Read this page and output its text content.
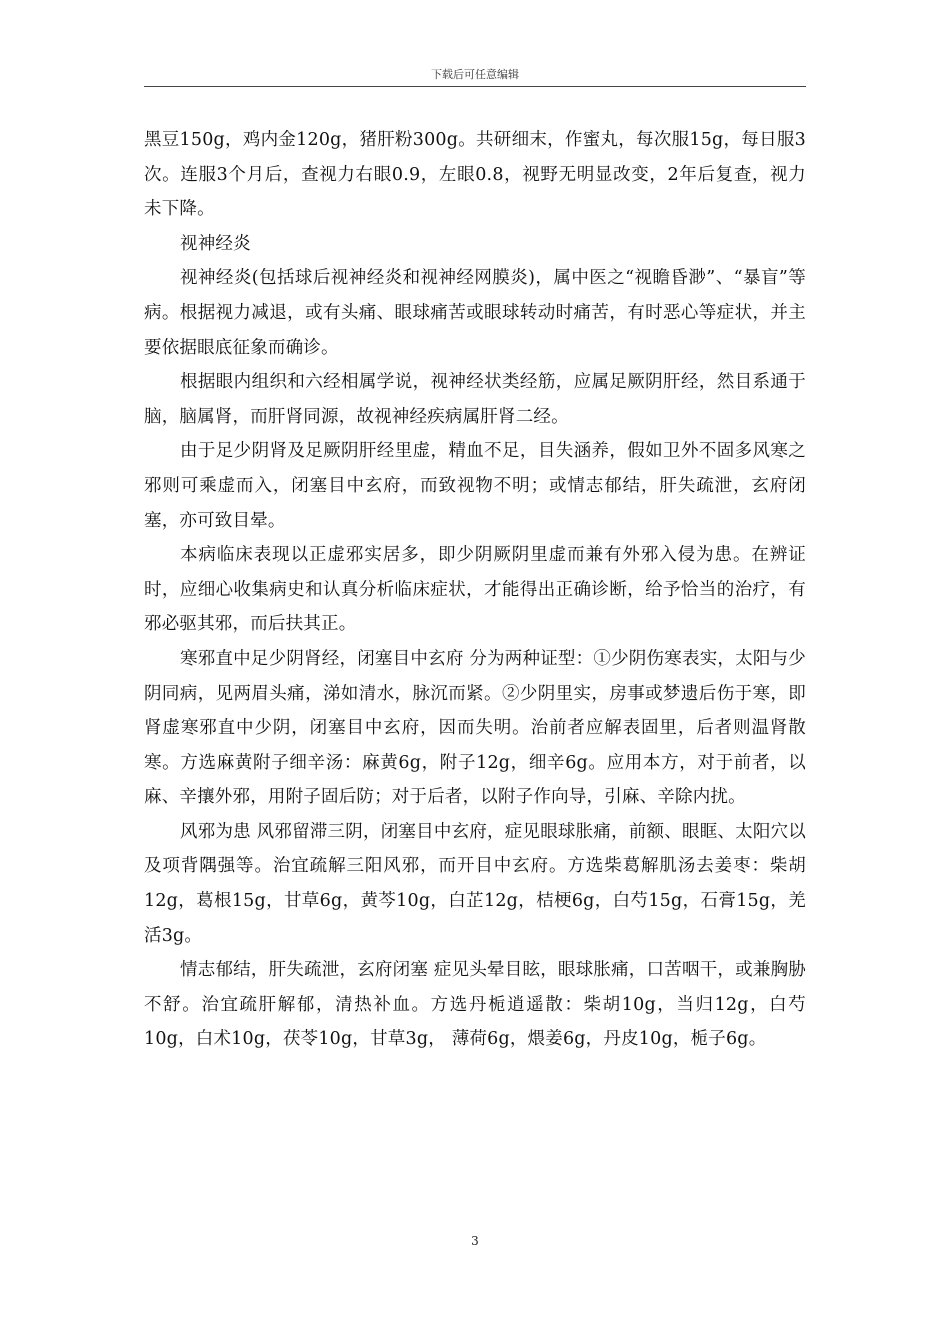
下载后可任意编辑

黑豆150g，鸡内金120g，猪肝粉300g。共研细末，作蜜丸，每次服15g，每日服3次。连服3个月后，查视力右眼0.9，左眼0.8，视野无明显改变，2年后复查，视力未下降。

视神经炎

视神经炎(包括球后视神经炎和视神经网膜炎)，属中医之“视瞻昏渺”、“暴盲”等病。根据视力减退，或有头痛、眼球痛苦或眼球转动时痛苦，有时恶心等症状，并主要依据眼底征象而确诊。

根据眼内组织和六经相属学说，视神经状类经筋，应属足厥阴肝经，然目系通于脑，脑属肾，而肝肾同源，故视神经疾病属肝肾二经。

由于足少阴肾及足厥阴肝经里虚，精血不足，目失涵养，假如卫外不固多风寒之邪则可乘虚而入，闭塞目中玄府，而致视物不明；或情志郁结，肝失疏泄，玄府闭塞，亦可致目晕。

本病临床表现以正虚邪实居多，即少阴厥阴里虚而兼有外邪入侵为患。在辨证时，应细心收集病史和认真分析临床症状，才能得出正确诊断，给予恰当的治疗，有邪必驱其邪，而后扶其正。

寒邪直中足少阴肾经，闭塞目中玄府 分为两种证型：①少阴伤寒表实，太阳与少阴同病，见两眉头痛，涕如清水，脉沉而紧。②少阴里实，房事或梦遗后伤于寒，即肾虚寒邪直中少阴，闭塞目中玄府，因而失明。治前者应解表固里，后者则温肾散寒。方选麻黄附子细辛汤：麻黄6g，附子12g，细辛6g。应用本方，对于前者，以麻、辛攘外邪，用附子固后防；对于后者，以附子作向导，引麻、辛除内扰。

风邪为患 风邪留滞三阴，闭塞目中玄府，症见眼球胀痛，前额、眼眶、太阳穴以及项背隅强等。治宜疏解三阳风邪，而开目中玄府。方选柴葛解肌汤去姜枣：柴胡12g，葛根15g，甘草6g，黄芩10g，白芷12g，桔梗6g，白芍15g，石膏15g，羌活3g。

情志郁结，肝失疏泄，玄府闭塞 症见头晕目眩，眼球胀痛，口苦咽干，或兼胸胁不舒。治宜疏肝解郁，清热补血。方选丹栀逍遥散：柴胡10g，当归12g，白芍10g，白术10g，茯苓10g，甘草3g， 薄荷6g，煨姜6g，丹皮10g，栀子6g。

3
